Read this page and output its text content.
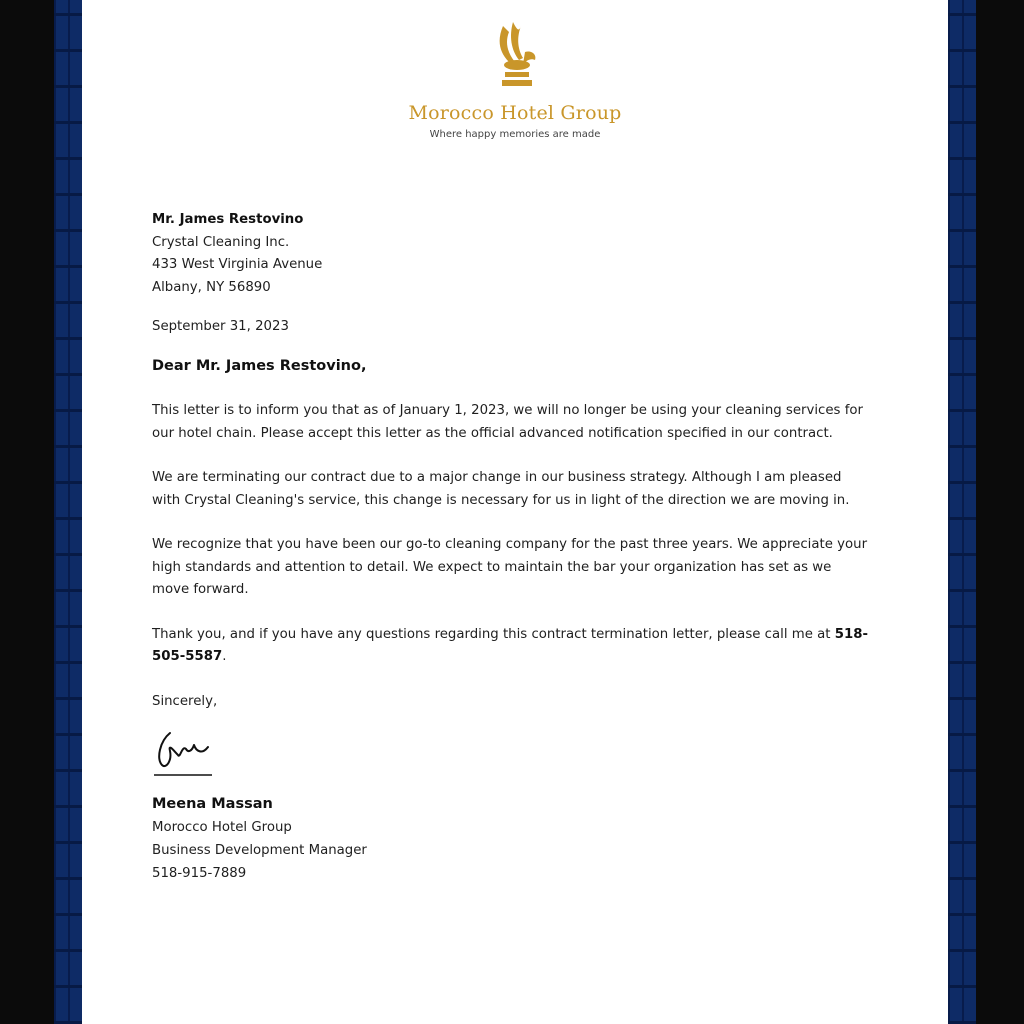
Morocco Hotel Group
Where happy memories are made
Mr. James Restovino
Crystal Cleaning Inc.
433 West Virginia Avenue
Albany, NY 56890
September 31, 2023
Dear Mr. James Restovino,
This letter is to inform you that as of January 1, 2023, we will no longer be using your cleaning services for our hotel chain. Please accept this letter as the official advanced notification specified in our contract.
We are terminating our contract due to a major change in our business strategy. Although I am pleased with Crystal Cleaning's service, this change is necessary for us in light of the direction we are moving in.
We recognize that you have been our go-to cleaning company for the past three years. We appreciate your high standards and attention to detail. We expect to maintain the bar your organization has set as we move forward.
Thank you, and if you have any questions regarding this contract termination letter, please call me at 518-505-5587.
Sincerely,
Meena Massan
Morocco Hotel Group
Business Development Manager
518-915-7889
